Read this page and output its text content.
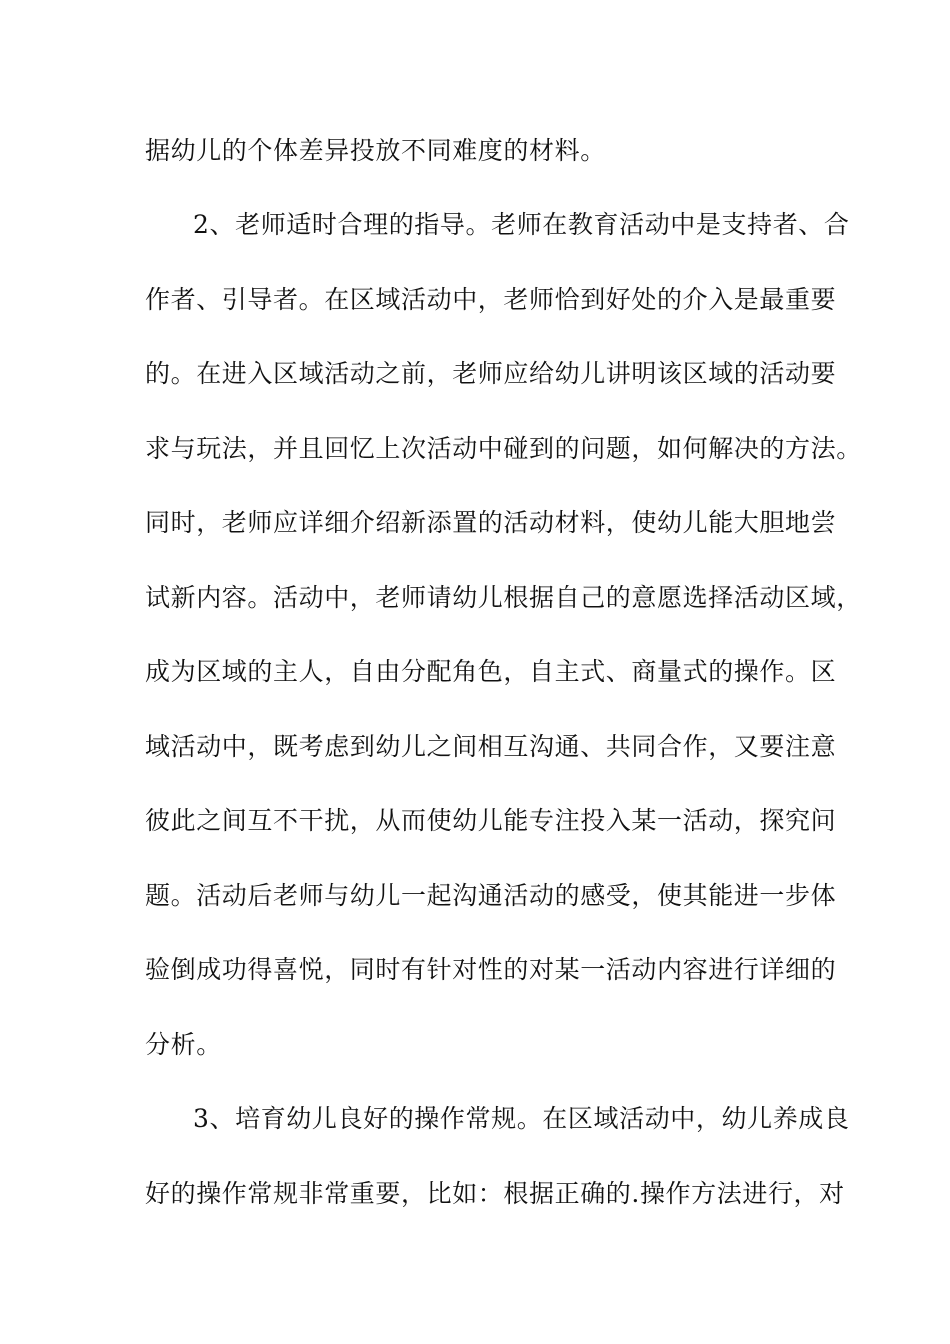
据幼儿的个体差异投放不同难度的材料。
2、老师适时合理的指导。老师在教育活动中是支持者、合
作者、引导者。在区域活动中，老师恰到好处的介入是最重要
的。在进入区域活动之前，老师应给幼儿讲明该区域的活动要
求与玩法，并且回忆上次活动中碰到的问题，如何解决的方法。
同时，老师应详细介绍新添置的活动材料，使幼儿能大胆地尝
试新内容。活动中，老师请幼儿根据自己的意愿选择活动区域，
成为区域的主人，自由分配角色，自主式、商量式的操作。区
域活动中，既考虑到幼儿之间相互沟通、共同合作，又要注意
彼此之间互不干扰，从而使幼儿能专注投入某一活动，探究问
题。活动后老师与幼儿一起沟通活动的感受，使其能进一步体
验倒成功得喜悦，同时有针对性的对某一活动内容进行详细的
分析。
3、培育幼儿良好的操作常规。在区域活动中，幼儿养成良
好的操作常规非常重要，比如：根据正确的.操作方法进行，对
